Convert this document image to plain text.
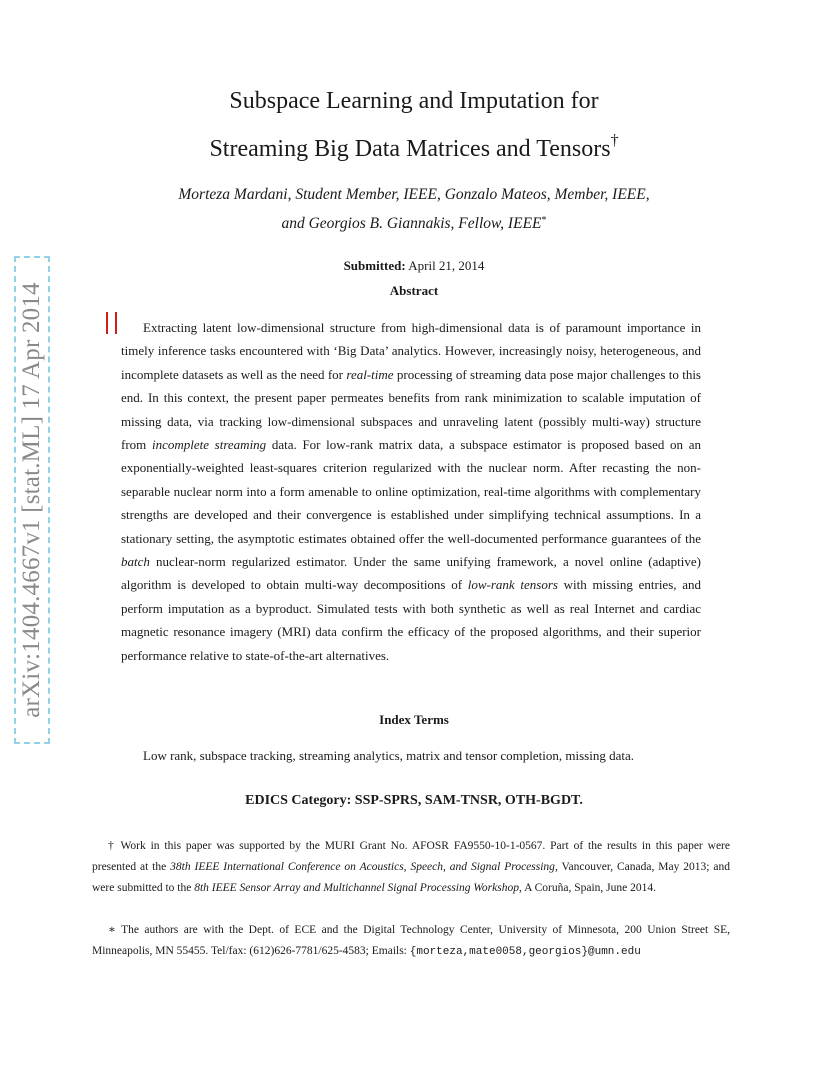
arXiv:1404.4667v1 [stat.ML] 17 Apr 2014
Subspace Learning and Imputation for
Streaming Big Data Matrices and Tensors†
Morteza Mardani, Student Member, IEEE, Gonzalo Mateos, Member, IEEE,
and Georgios B. Giannakis, Fellow, IEEE*
Submitted: April 21, 2014
Abstract

Extracting latent low-dimensional structure from high-dimensional data is of paramount importance in timely inference tasks encountered with ‘Big Data’ analytics. However, increasingly noisy, heterogeneous, and incomplete datasets as well as the need for real-time processing of streaming data pose major challenges to this end. In this context, the present paper permeates benefits from rank minimization to scalable imputation of missing data, via tracking low-dimensional subspaces and unraveling latent (possibly multi-way) structure from incomplete streaming data. For low-rank matrix data, a subspace estimator is proposed based on an exponentially-weighted least-squares criterion regularized with the nuclear norm. After recasting the non-separable nuclear norm into a form amenable to online optimization, real-time algorithms with complementary strengths are developed and their convergence is established under simplifying technical assumptions. In a stationary setting, the asymptotic estimates obtained offer the well-documented performance guarantees of the batch nuclear-norm regularized estimator. Under the same unifying framework, a novel online (adaptive) algorithm is developed to obtain multi-way decompositions of low-rank tensors with missing entries, and perform imputation as a byproduct. Simulated tests with both synthetic as well as real Internet and cardiac magnetic resonance imagery (MRI) data confirm the efficacy of the proposed algorithms, and their superior performance relative to state-of-the-art alternatives.

Index Terms
Low rank, subspace tracking, streaming analytics, matrix and tensor completion, missing data.
EDICS Category: SSP-SPRS, SAM-TNSR, OTH-BGDT.

† Work in this paper was supported by the MURI Grant No. AFOSR FA9550-10-1-0567. Part of the results in this paper were presented at the 38th IEEE International Conference on Acoustics, Speech, and Signal Processing, Vancouver, Canada, May 2013; and were submitted to the 8th IEEE Sensor Array and Multichannel Signal Processing Workshop, A Coruña, Spain, June 2014.

∗ The authors are with the Dept. of ECE and the Digital Technology Center, University of Minnesota, 200 Union Street SE, Minneapolis, MN 55455. Tel/fax: (612)626-7781/625-4583; Emails: {morteza,mate0058,georgios}@umn.edu
